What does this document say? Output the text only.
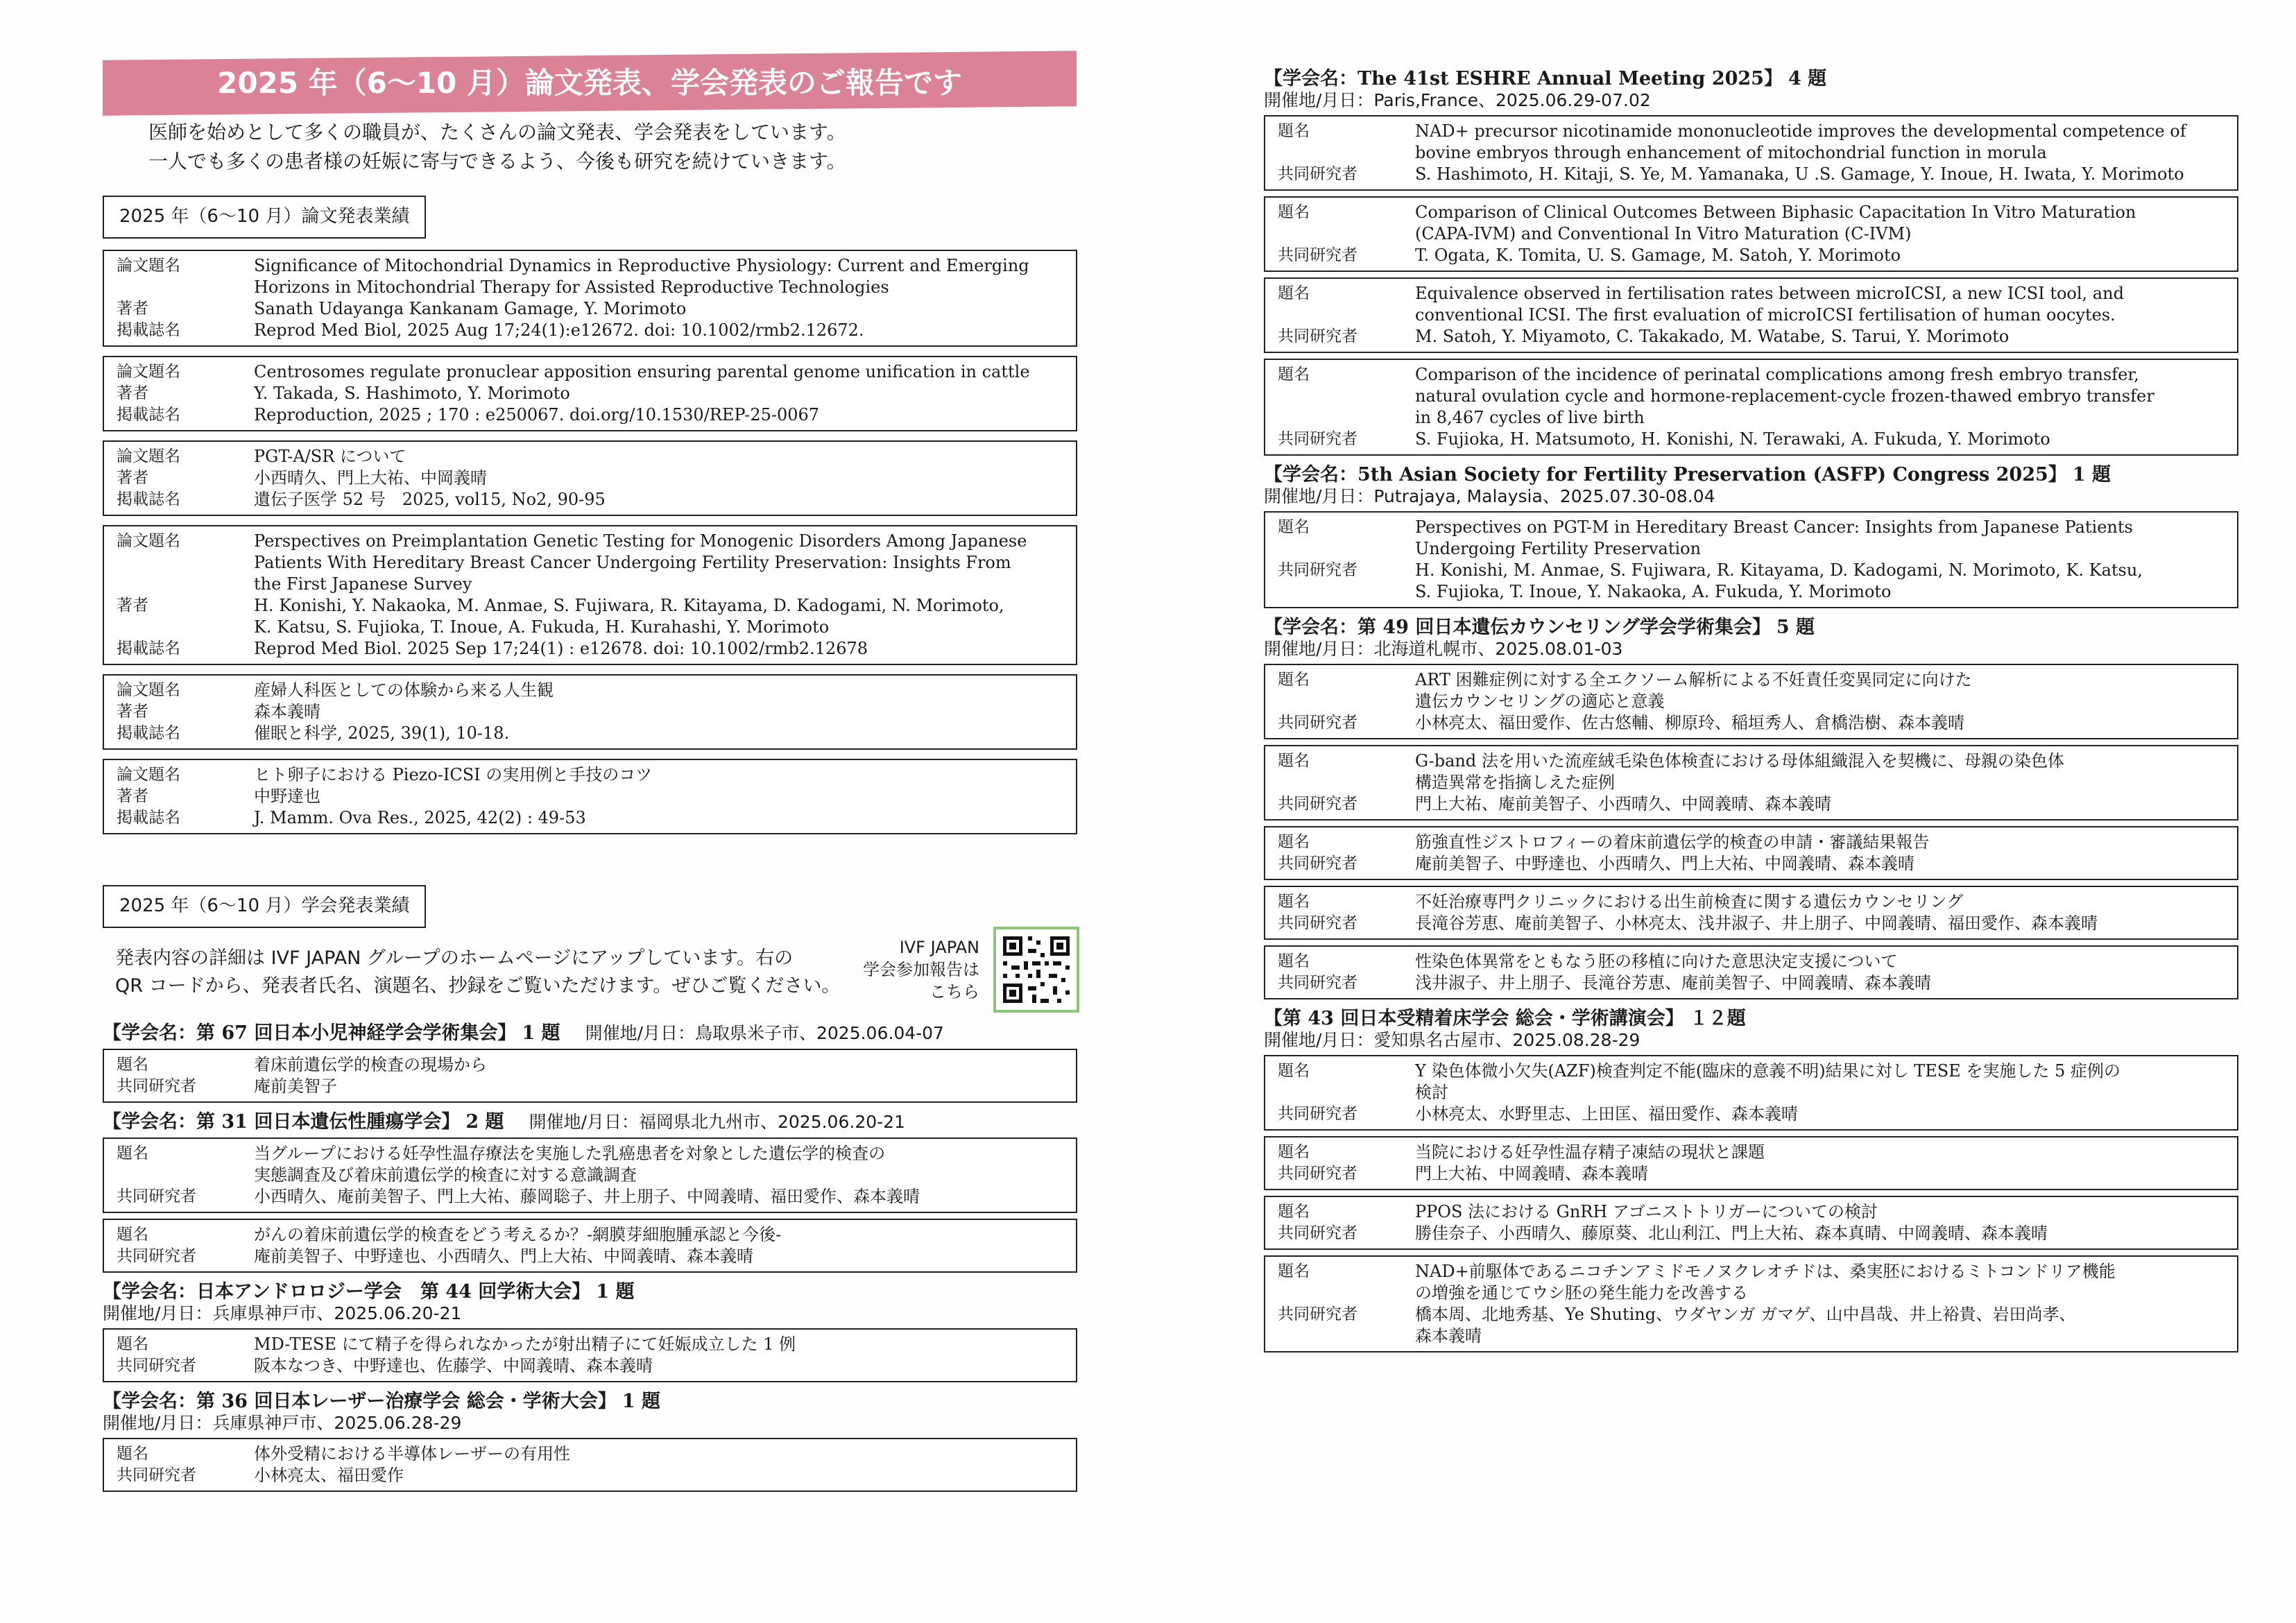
2025 年（6～10 月）論文発表、学会発表のご報告です

医師を始めとして多くの職員が、たくさんの論文発表、学会発表をしています。

一人でも多くの患者様の妊娠に寄与できるよう、今後も研究を続けていきます。

2025 年（6～10 月）論文発表業績
論文題名	Significance of Mitochondrial Dynamics in Reproductive Physiology: Current and Emerging
Horizons in Mitochondrial Therapy for Assisted Reproductive Technologies
著者	Sanath Udayanga Kankanam Gamage, Y. Morimoto
掲載誌名	Reprod Med Biol, 2025 Aug 17;24(1):e12672. doi: 10.1002/rmb2.12672.
論文題名	Centrosomes regulate pronuclear apposition ensuring parental genome unification in cattle
著者	Y. Takada, S. Hashimoto, Y. Morimoto
掲載誌名	Reproduction, 2025 ; 170 : e250067. doi.org/10.1530/REP-25-0067
論文題名	PGT-A/SR について
著者	小西晴久、門上大祐、中岡義晴
掲載誌名	遺伝子医学 52 号　2025, vol15, No2, 90-95
論文題名	Perspectives on Preimplantation Genetic Testing for Monogenic Disorders Among Japanese
Patients With Hereditary Breast Cancer Undergoing Fertility Preservation: Insights From
the First Japanese Survey
著者	H. Konishi, Y. Nakaoka, M. Anmae, S. Fujiwara, R. Kitayama, D. Kadogami, N. Morimoto,
K. Katsu, S. Fujioka, T. Inoue, A. Fukuda, H. Kurahashi, Y. Morimoto
掲載誌名	Reprod Med Biol. 2025 Sep 17;24(1) : e12678. doi: 10.1002/rmb2.12678
論文題名	産婦人科医としての体験から来る人生観
著者	森本義晴
掲載誌名	催眠と科学, 2025, 39(1), 10-18.
論文題名	ヒト卵子における Piezo-ICSI の実用例と手技のコツ
著者	中野達也
掲載誌名	J. Mamm. Ova Res., 2025, 42(2) : 49-53
2025 年（6～10 月）学会発表業績

発表内容の詳細は IVF JAPAN グループのホームページにアップしています。右の

QR コードから、発表者氏名、演題名、抄録をご覧いただけます。ぜひご覧ください。

IVF JAPAN
学会参加報告は
こちら
【学会名：第 67 回日本小児神経学会学術集会】 1 題 開催地/月日：鳥取県米子市、2025.06.04-07
題名	着床前遺伝学的検査の現場から
共同研究者	庵前美智子
【学会名：第 31 回日本遺伝性腫瘍学会】 2 題 開催地/月日：福岡県北九州市、2025.06.20-21
題名	当グループにおける妊孕性温存療法を実施した乳癌患者を対象とした遺伝学的検査の
実態調査及び着床前遺伝学的検査に対する意識調査
共同研究者	小西晴久、庵前美智子、門上大祐、藤岡聡子、井上朋子、中岡義晴、福田愛作、森本義晴
題名	がんの着床前遺伝学的検査をどう考えるか？-網膜芽細胞腫承認と今後-
共同研究者	庵前美智子、中野達也、小西晴久、門上大祐、中岡義晴、森本義晴
【学会名：日本アンドロロジー学会　第 44 回学術大会】 1 題
開催地/月日：兵庫県神戸市、2025.06.20-21
題名	MD-TESE にて精子を得られなかったが射出精子にて妊娠成立した 1 例
共同研究者	阪本なつき、中野達也、佐藤学、中岡義晴、森本義晴
【学会名：第 36 回日本レーザー治療学会 総会・学術大会】 1 題
開催地/月日：兵庫県神戸市、2025.06.28-29
題名	体外受精における半導体レーザーの有用性
共同研究者	小林亮太、福田愛作
【学会名：The 41st ESHRE Annual Meeting 2025】 4 題
開催地/月日：Paris,France、2025.06.29-07.02
題名	NAD+ precursor nicotinamide mononucleotide improves the developmental competence of
bovine embryos through enhancement of mitochondrial function in morula
共同研究者	S. Hashimoto, H. Kitaji, S. Ye, M. Yamanaka, U .S. Gamage, Y. Inoue, H. Iwata, Y. Morimoto
題名	Comparison of Clinical Outcomes Between Biphasic Capacitation In Vitro Maturation
(CAPA-IVM) and Conventional In Vitro Maturation (C-IVM)
共同研究者	T. Ogata, K. Tomita, U. S. Gamage, M. Satoh, Y. Morimoto
題名	Equivalence observed in fertilisation rates between microICSI, a new ICSI tool, and
conventional ICSI. The first evaluation of microICSI fertilisation of human oocytes.
共同研究者	M. Satoh, Y. Miyamoto, C. Takakado, M. Watabe, S. Tarui, Y. Morimoto
題名	Comparison of the incidence of perinatal complications among fresh embryo transfer,
natural ovulation cycle and hormone-replacement-cycle frozen-thawed embryo transfer
in 8,467 cycles of live birth
共同研究者	S. Fujioka, H. Matsumoto, H. Konishi, N. Terawaki, A. Fukuda, Y. Morimoto
【学会名：5th Asian Society for Fertility Preservation (ASFP) Congress 2025】 1 題
開催地/月日：Putrajaya, Malaysia、2025.07.30-08.04
題名	Perspectives on PGT-M in Hereditary Breast Cancer: Insights from Japanese Patients
Undergoing Fertility Preservation
共同研究者	H. Konishi, M. Anmae, S. Fujiwara, R. Kitayama, D. Kadogami, N. Morimoto, K. Katsu,
S. Fujioka, T. Inoue, Y. Nakaoka, A. Fukuda, Y. Morimoto
【学会名：第 49 回日本遺伝カウンセリング学会学術集会】 5 題
開催地/月日：北海道札幌市、2025.08.01-03
題名	ART 困難症例に対する全エクソーム解析による不妊責任変異同定に向けた
遺伝カウンセリングの適応と意義
共同研究者	小林亮太、福田愛作、佐古悠輔、柳原玲、稲垣秀人、倉橋浩樹、森本義晴
題名	G-band 法を用いた流産絨毛染色体検査における母体組織混入を契機に、母親の染色体
構造異常を指摘しえた症例
共同研究者	門上大祐、庵前美智子、小西晴久、中岡義晴、森本義晴
題名	筋強直性ジストロフィーの着床前遺伝学的検査の申請・審議結果報告
共同研究者	庵前美智子、中野達也、小西晴久、門上大祐、中岡義晴、森本義晴
題名	不妊治療専門クリニックにおける出生前検査に関する遺伝カウンセリング
共同研究者	長滝谷芳恵、庵前美智子、小林亮太、浅井淑子、井上朋子、中岡義晴、福田愛作、森本義晴
題名	性染色体異常をともなう胚の移植に向けた意思決定支援について
共同研究者	浅井淑子、井上朋子、長滝谷芳恵、庵前美智子、中岡義晴、森本義晴
【第 43 回日本受精着床学会 総会・学術講演会】 １２題
開催地/月日：愛知県名古屋市、2025.08.28-29
題名	Y 染色体微小欠失(AZF)検査判定不能(臨床的意義不明)結果に対し TESE を実施した 5 症例の
検討
共同研究者	小林亮太、水野里志、上田匡、福田愛作、森本義晴
題名	当院における妊孕性温存精子凍結の現状と課題
共同研究者	門上大祐、中岡義晴、森本義晴
題名	PPOS 法における GnRH アゴニストトリガーについての検討
共同研究者	勝佳奈子、小西晴久、藤原葵、北山利江、門上大祐、森本真晴、中岡義晴、森本義晴
題名	NAD+前駆体であるニコチンアミドモノヌクレオチドは、桑実胚におけるミトコンドリア機能
の増強を通じてウシ胚の発生能力を改善する
共同研究者	橋本周、北地秀基、Ye Shuting、ウダヤンガ ガマゲ、山中昌哉、井上裕貴、岩田尚孝、
森本義晴
